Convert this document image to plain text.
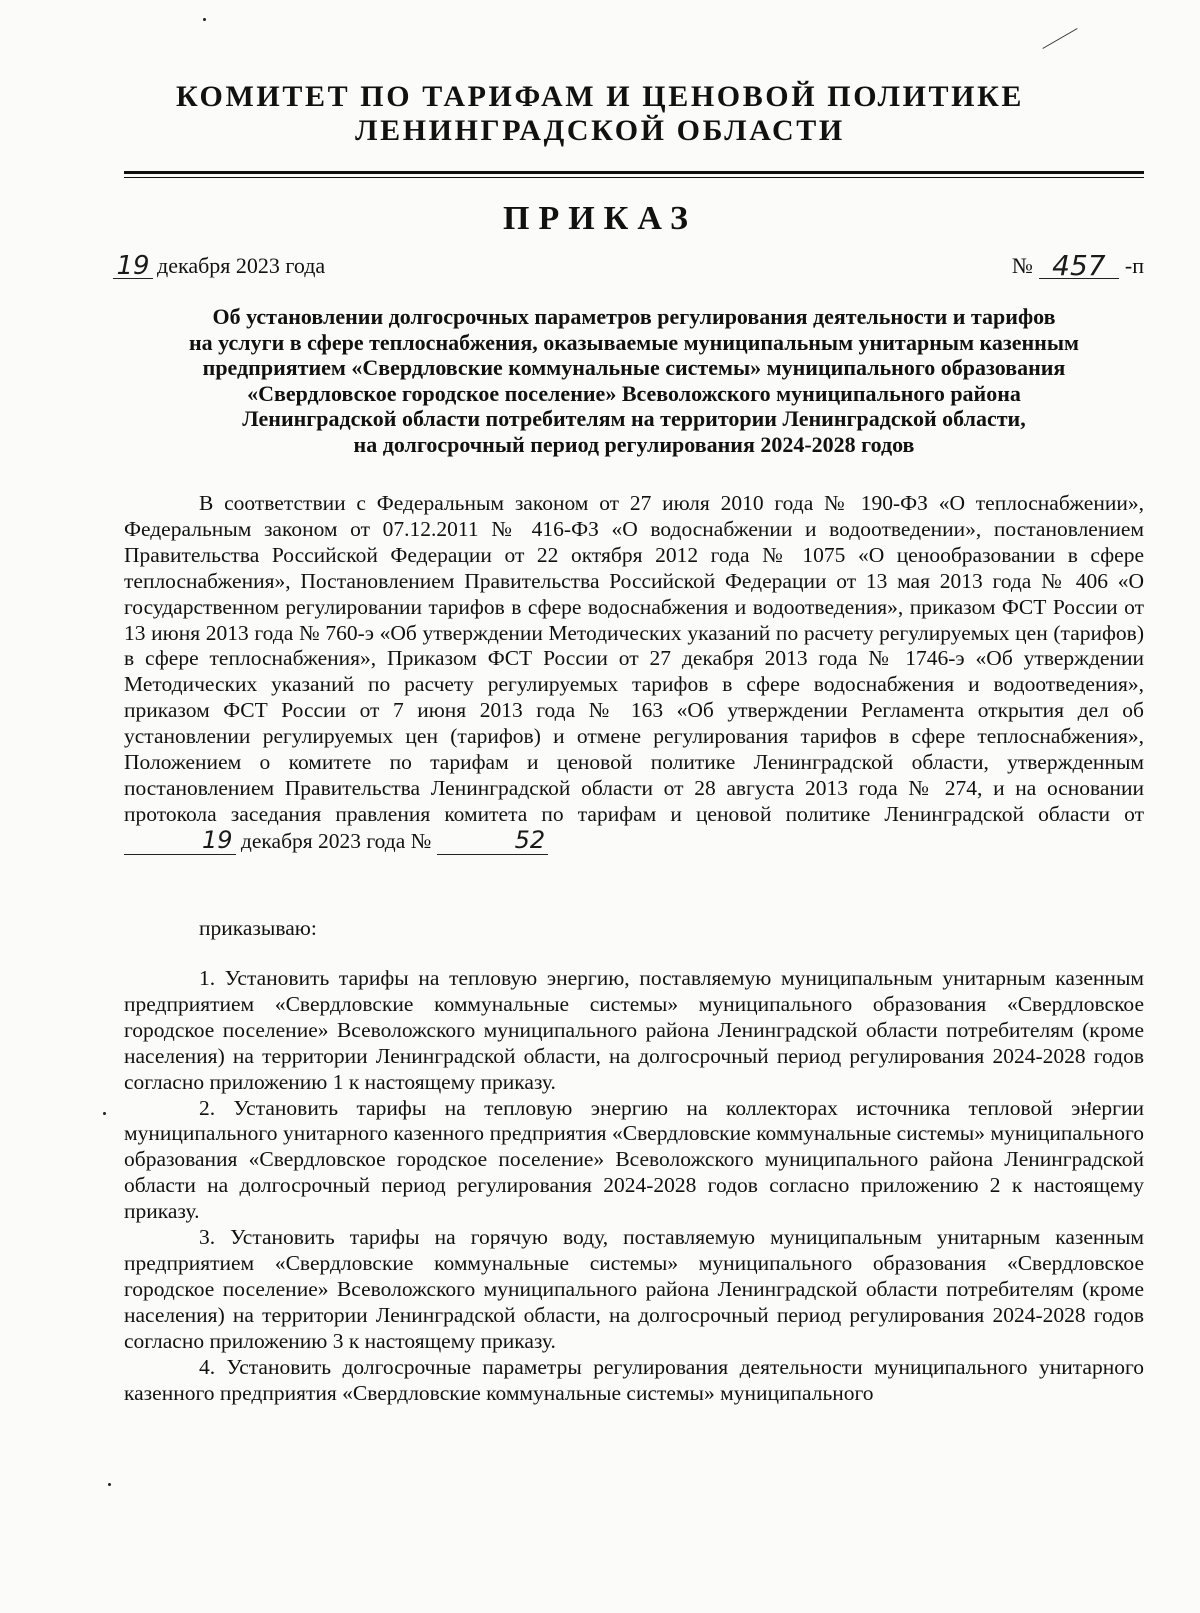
КОМИТЕТ ПО ТАРИФАМ И ЦЕНОВОЙ ПОЛИТИКЕ
ЛЕНИНГРАДСКОЙ ОБЛАСТИ
ПРИКАЗ
19 декабря 2023 года	№ 457 -п
Об установлении долгосрочных параметров регулирования деятельности и тарифов
на услуги в сфере теплоснабжения, оказываемые муниципальным унитарным казенным
предприятием «Свердловские коммунальные системы» муниципального образования
«Свердловское городское поселение» Всеволожского муниципального района
Ленинградской области потребителям на территории Ленинградской области,
на долгосрочный период регулирования 2024-2028 годов

В соответствии с Федеральным законом от 27 июля 2010 года № 190-ФЗ «О теплоснабжении», Федеральным законом от 07.12.2011 № 416-ФЗ «О водоснабжении и водоотведении», постановлением Правительства Российской Федерации от 22 октября 2012 года № 1075 «О ценообразовании в сфере теплоснабжения», Постановлением Правительства Российской Федерации от 13 мая 2013 года № 406 «О государственном регулировании тарифов в сфере водоснабжения и водоотведения», приказом ФСТ России от 13 июня 2013 года № 760-э «Об утверждении Методических указаний по расчету регулируемых цен (тарифов) в сфере теплоснабжения», Приказом ФСТ России от 27 декабря 2013 года № 1746-э «Об утверждении Методических указаний по расчету регулируемых тарифов в сфере водоснабжения и водоотведения», приказом ФСТ России от 7 июня 2013 года № 163 «Об утверждении Регламента открытия дел об установлении регулируемых цен (тарифов) и отмене регулирования тарифов в сфере теплоснабжения», Положением о комитете по тарифам и ценовой политике Ленинградской области, утвержденным постановлением Правительства Ленинградской области от 28 августа 2013 года № 274, и на основании протокола заседания правления комитета по тарифам и ценовой политике Ленинградской области от 19 декабря 2023 года №	52

приказываю:

1. Установить тарифы на тепловую энергию, поставляемую муниципальным унитарным казенным предприятием «Свердловские коммунальные системы» муниципального образования «Свердловское городское поселение» Всеволожского муниципального района Ленинградской области потребителям (кроме населения) на территории Ленинградской области, на долгосрочный период регулирования 2024-2028 годов согласно приложению 1 к настоящему приказу.

2. Установить тарифы на тепловую энергию на коллекторах источника тепловой энергии муниципального унитарного казенного предприятия «Свердловские коммунальные системы» муниципального образования «Свердловское городское поселение» Всеволожского муниципального района Ленинградской области на долгосрочный период регулирования 2024-2028 годов согласно приложению 2 к настоящему приказу.

3. Установить тарифы на горячую воду, поставляемую муниципальным унитарным казенным предприятием «Свердловские коммунальные системы» муниципального образования «Свердловское городское поселение» Всеволожского муниципального района Ленинградской области потребителям (кроме населения) на территории Ленинградской области, на долгосрочный период регулирования 2024-2028 годов согласно приложению 3 к настоящему приказу.

4. Установить долгосрочные параметры регулирования деятельности муниципального унитарного казенного предприятия «Свердловские коммунальные системы» муниципального
